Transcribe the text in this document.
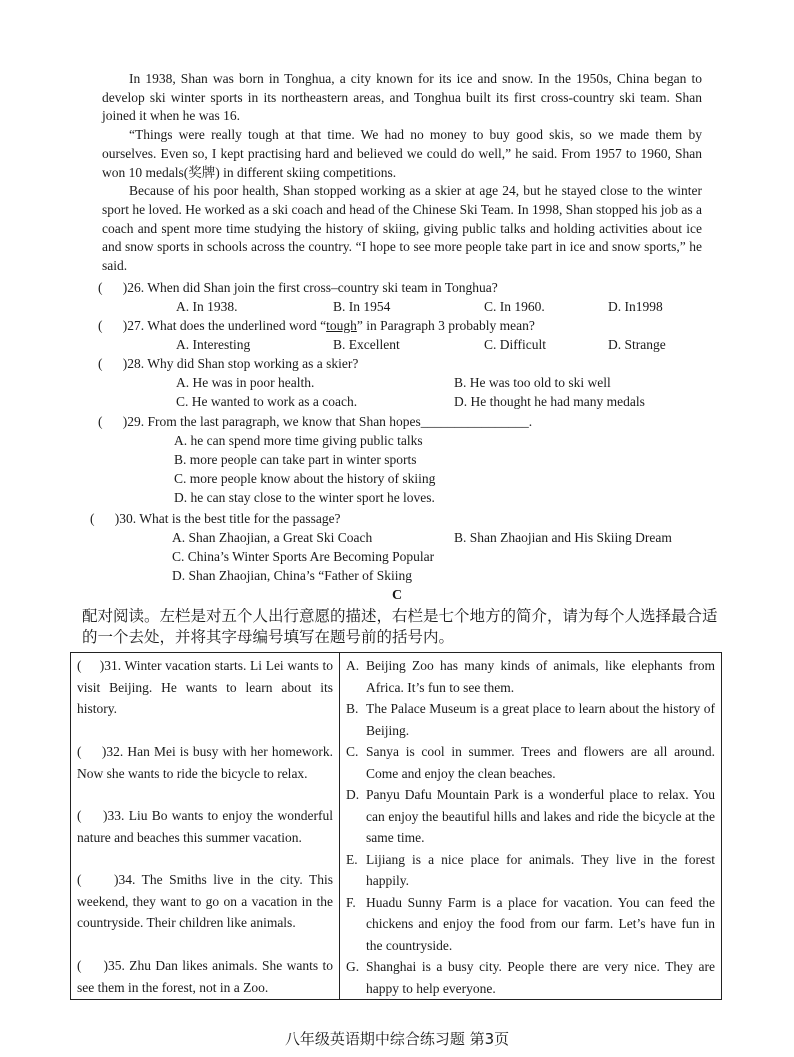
In 1938, Shan was born in Tonghua, a city known for its ice and snow. In the 1950s, China began to develop ski winter sports in its northeastern areas, and Tonghua built its first cross-country ski team. Shan joined it when he was 16.

“Things were really tough at that time. We had no money to buy good skis, so we made them by ourselves. Even so, I kept practising hard and believed we could do well,” he said. From 1957 to 1960, Shan won 10 medals(奖牌) in different skiing competitions.

Because of his poor health, Shan stopped working as a skier at age 24, but he stayed close to the winter sport he loved. He worked as a ski coach and head of the Chinese Ski Team. In 1998, Shan stopped his job as a coach and spent more time studying the history of skiing, giving public talks and holding activities about ice and snow sports in schools across the country. “I hope to see more people take part in ice and snow sports,” he said.

(      )26. When did Shan join the first cross–country ski team in Tonghua?
A. In 1938.	B. In 1954	C. In 1960.	D. In1998
(      )27. What does the underlined word “tough” in Paragraph 3 probably mean?
A. Interesting	B. Excellent	C. Difficult	D. Strange
(      )28. Why did Shan stop working as a skier?
A. He was in poor health.	B. He was too old to ski well
C. He wanted to work as a coach.	D. He thought he had many medals
(      )29. From the last paragraph, we know that Shan hopes________________.
A. he can spend more time giving public talks
B. more people can take part in winter sports
C. more people know about the history of skiing
D. he can stay close to the winter sport he loves.
(      )30. What is the best title for the passage?
A. Shan Zhaojian, a Great Ski Coach	B. Shan Zhaojian and His Skiing Dream
C. China’s Winter Sports Are Becoming Popular
D. Shan Zhaojian, China’s “Father of Skiing
C
配对阅读。左栏是对五个人出行意愿的描述，右栏是七个地方的简介，请为每个人选择最合适的一个去处，并将其字母编号填写在题号前的括号内。
(     )31. Winter vacation starts. Li Lei wants to visit Beijing. He wants to learn about its history.
(     )32. Han Mei is busy with her homework. Now she wants to ride the bicycle to relax.
(     )33. Liu Bo wants to enjoy the wonderful nature and beaches this summer vacation.
(     )34. The Smiths live in the city. This weekend, they want to go on a vacation in the countryside. Their children like animals.
(     )35. Zhu Dan likes animals. She wants to see them in the forest, not in a Zoo.

A. Beijing Zoo has many kinds of animals, like elephants from Africa. It’s fun to see them.
B. The Palace Museum is a great place to learn about the history of Beijing.
C. Sanya is cool in summer. Trees and flowers are all around. Come and enjoy the clean beaches.
D. Panyu Dafu Mountain Park is a wonderful place to relax. You can enjoy the beautiful hills and lakes and ride the bicycle at the same time.
E. Lijiang is a nice place for animals. They live in the forest happily.
F. Huadu Sunny Farm is a place for vacation. You can feed the chickens and enjoy the food from our farm. Let’s have fun in the countryside.
G. Shanghai is a busy city. People there are very nice. They are happy to help everyone.
八年级英语期中综合练习题 第3页
